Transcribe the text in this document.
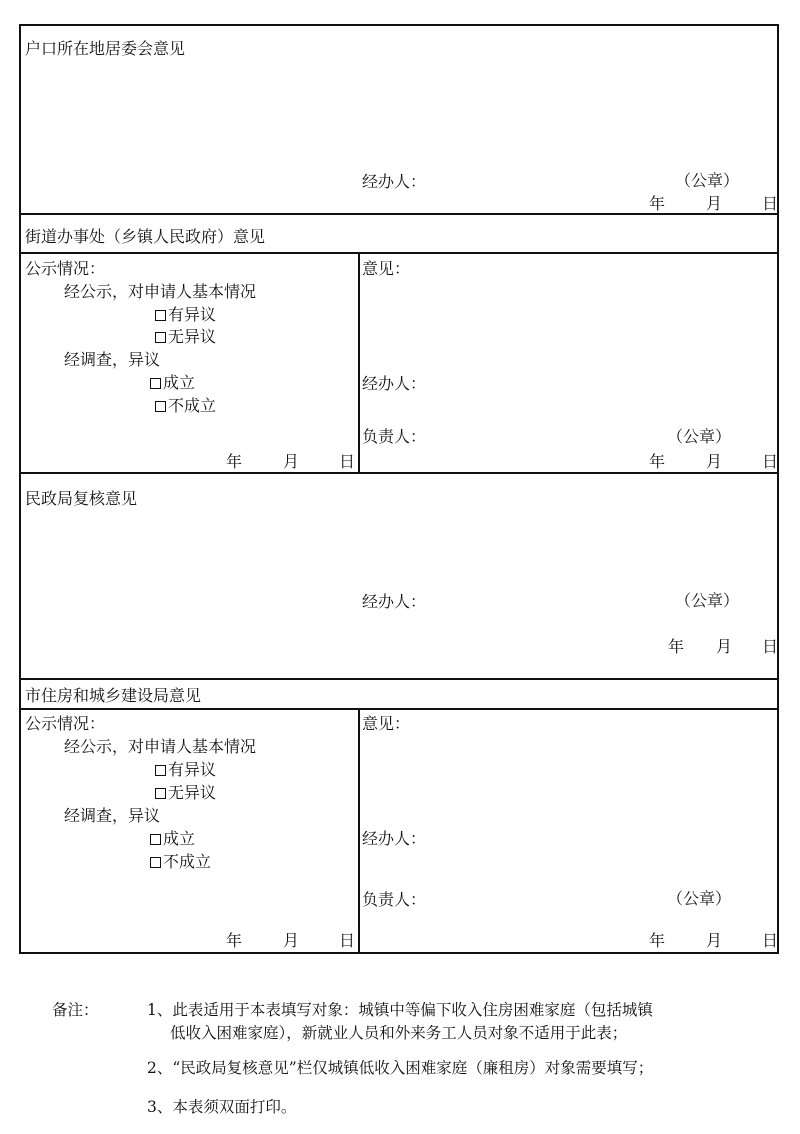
户口所在地居委会意见
经办人：	（公章）
年	月 日
街道办事处（乡镇人民政府）意见
公示情况：
经公示，对申请人基本情况
有异议
无异议
经调查，异议
成立
不成立
年	月 日
意见：
经办人：
负责人：	（公章）
年	月 日
民政局复核意见
经办人：	（公章）
年 月 日
市住房和城乡建设局意见
公示情况：
经公示，对申请人基本情况
有异议
无异议
经调查，异议
成立
不成立
年	月 日
意见：
经办人：
负责人：	（公章）
年	月 日
备注：	1、此表适用于本表填写对象：城镇中等偏下收入住房困难家庭（包括城镇
低收入困难家庭），新就业人员和外来务工人员对象不适用于此表；
2、“民政局复核意见”栏仅城镇低收入困难家庭（廉租房）对象需要填写；
3、本表须双面打印。
